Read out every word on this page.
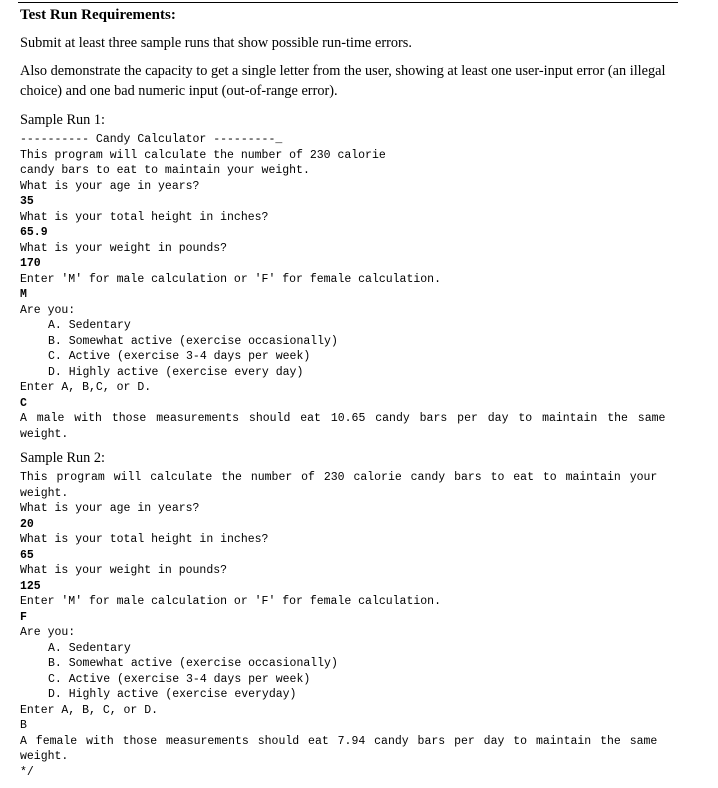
Test Run Requirements:
Submit at least three sample runs that show possible run-time errors.
Also demonstrate the capacity to get a single letter from the user, showing at least one user-input error (an illegal choice) and one bad numeric input (out-of-range error).
Sample Run 1:
---------- Candy Calculator ---------_
This program will calculate the number of 230 calorie
candy bars to eat to maintain your weight.
What is your age in years?
35
What is your total height in inches?
65.9
What is your weight in pounds?
170
Enter 'M' for male calculation or 'F' for female calculation.
M
Are you:
A. Sedentary
B. Somewhat active (exercise occasionally)
C. Active (exercise 3-4 days per week)
D. Highly active (exercise every day)
Enter A, B,C, or D.
C
A male with those measurements should eat 10.65 candy bars per day to maintain the same weight.
Sample Run 2:
This program will calculate the number of 230 calorie candy bars to eat to maintain your weight.
What is your age in years?
20
What is your total height in inches?
65
What is your weight in pounds?
125
Enter 'M' for male calculation or 'F' for female calculation.
F
Are you:
A. Sedentary
B. Somewhat active (exercise occasionally)
C. Active (exercise 3-4 days per week)
D. Highly active (exercise everyday)
Enter A, B, C, or D.
B
A female with those measurements should eat 7.94 candy bars per day to maintain the same weight.
*/
